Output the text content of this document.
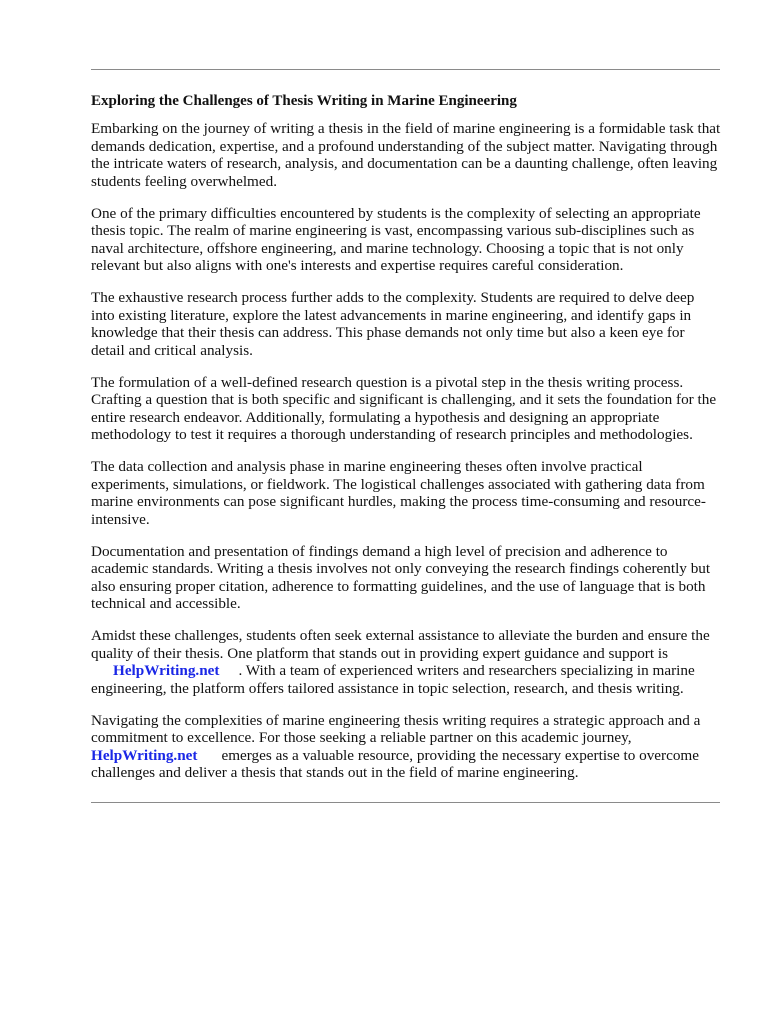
Exploring the Challenges of Thesis Writing in Marine Engineering

Embarking on the journey of writing a thesis in the field of marine engineering is a formidable task that demands dedication, expertise, and a profound understanding of the subject matter. Navigating through the intricate waters of research, analysis, and documentation can be a daunting challenge, often leaving students feeling overwhelmed.

One of the primary difficulties encountered by students is the complexity of selecting an appropriate thesis topic. The realm of marine engineering is vast, encompassing various sub-disciplines such as naval architecture, offshore engineering, and marine technology. Choosing a topic that is not only relevant but also aligns with one's interests and expertise requires careful consideration.

The exhaustive research process further adds to the complexity. Students are required to delve deep into existing literature, explore the latest advancements in marine engineering, and identify gaps in knowledge that their thesis can address. This phase demands not only time but also a keen eye for detail and critical analysis.

The formulation of a well-defined research question is a pivotal step in the thesis writing process. Crafting a question that is both specific and significant is challenging, and it sets the foundation for the entire research endeavor. Additionally, formulating a hypothesis and designing an appropriate methodology to test it requires a thorough understanding of research principles and methodologies.

The data collection and analysis phase in marine engineering theses often involve practical experiments, simulations, or fieldwork. The logistical challenges associated with gathering data from marine environments can pose significant hurdles, making the process time-consuming and resource-intensive.

Documentation and presentation of findings demand a high level of precision and adherence to academic standards. Writing a thesis involves not only conveying the research findings coherently but also ensuring proper citation, adherence to formatting guidelines, and the use of language that is both technical and accessible.

Amidst these challenges, students often seek external assistance to alleviate the burden and ensure the quality of their thesis. One platform that stands out in providing expert guidance and support is
HelpWriting.net . With a team of experienced writers and researchers specializing in marine engineering, the platform offers tailored assistance in topic selection, research, and thesis writing.

Navigating the complexities of marine engineering thesis writing requires a strategic approach and a commitment to excellence. For those seeking a reliable partner on this academic journey,
HelpWriting.net emerges as a valuable resource, providing the necessary expertise to overcome challenges and deliver a thesis that stands out in the field of marine engineering.
